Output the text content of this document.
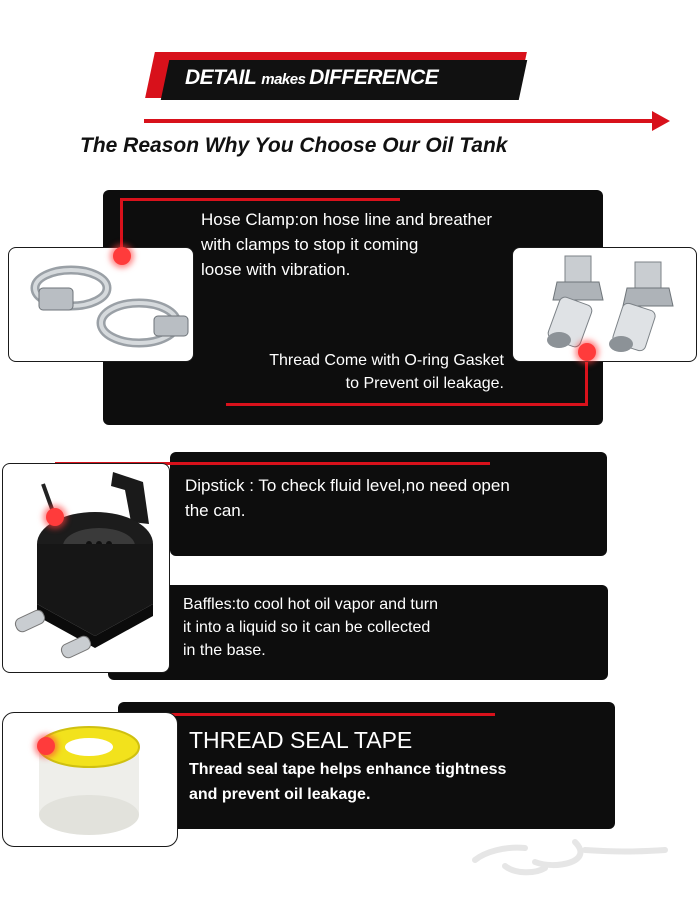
DETAIL makes DIFFERENCE
The Reason Why You Choose Our Oil Tank
Hose Clamp:on hose line and breather
with clamps to stop it coming
loose with vibration.
Thread Come with O-ring Gasket
to Prevent oil leakage.
Dipstick : To check fluid level,no need open
the can.
Baffles:to cool hot oil vapor and turn
it into a liquid so it can be collected
in the base.
THREAD SEAL TAPE
Thread seal tape helps enhance tightness
and prevent oil leakage.
